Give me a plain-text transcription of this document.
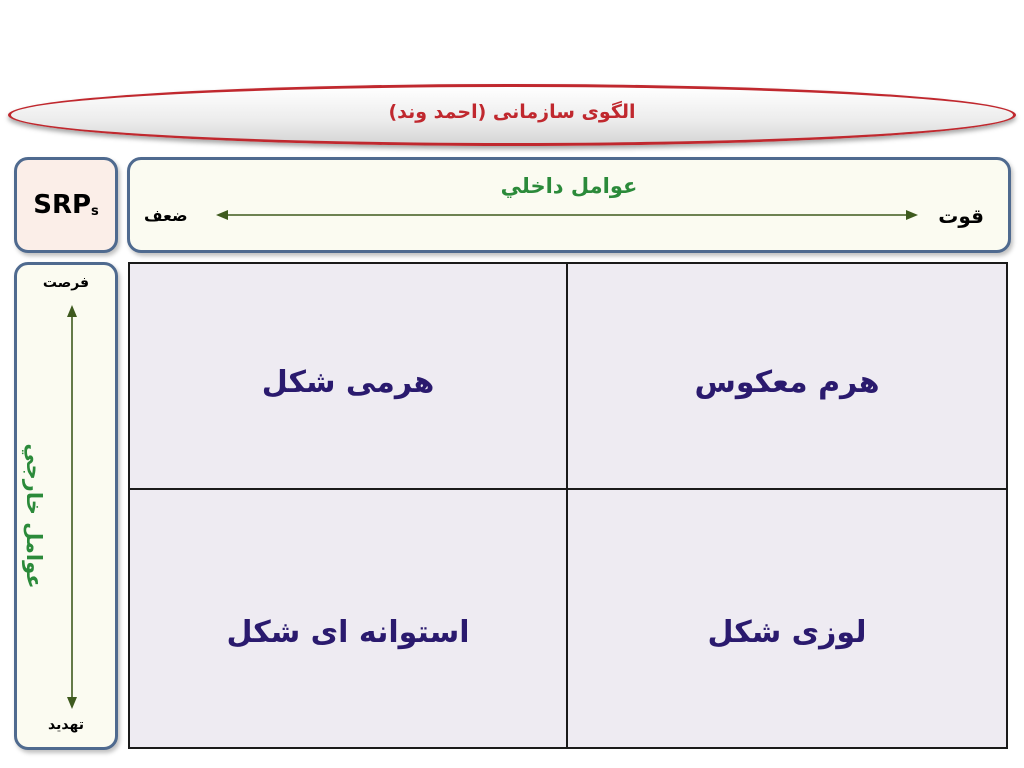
الگوی سازمانی (احمد وند)
SRPs
عوامل داخلي
قوت
ضعف
فرصت
تهدید
عوامل خارجي
هرمی شکل	هرم معکوس
استوانه ای شکل	لوزی شکل
